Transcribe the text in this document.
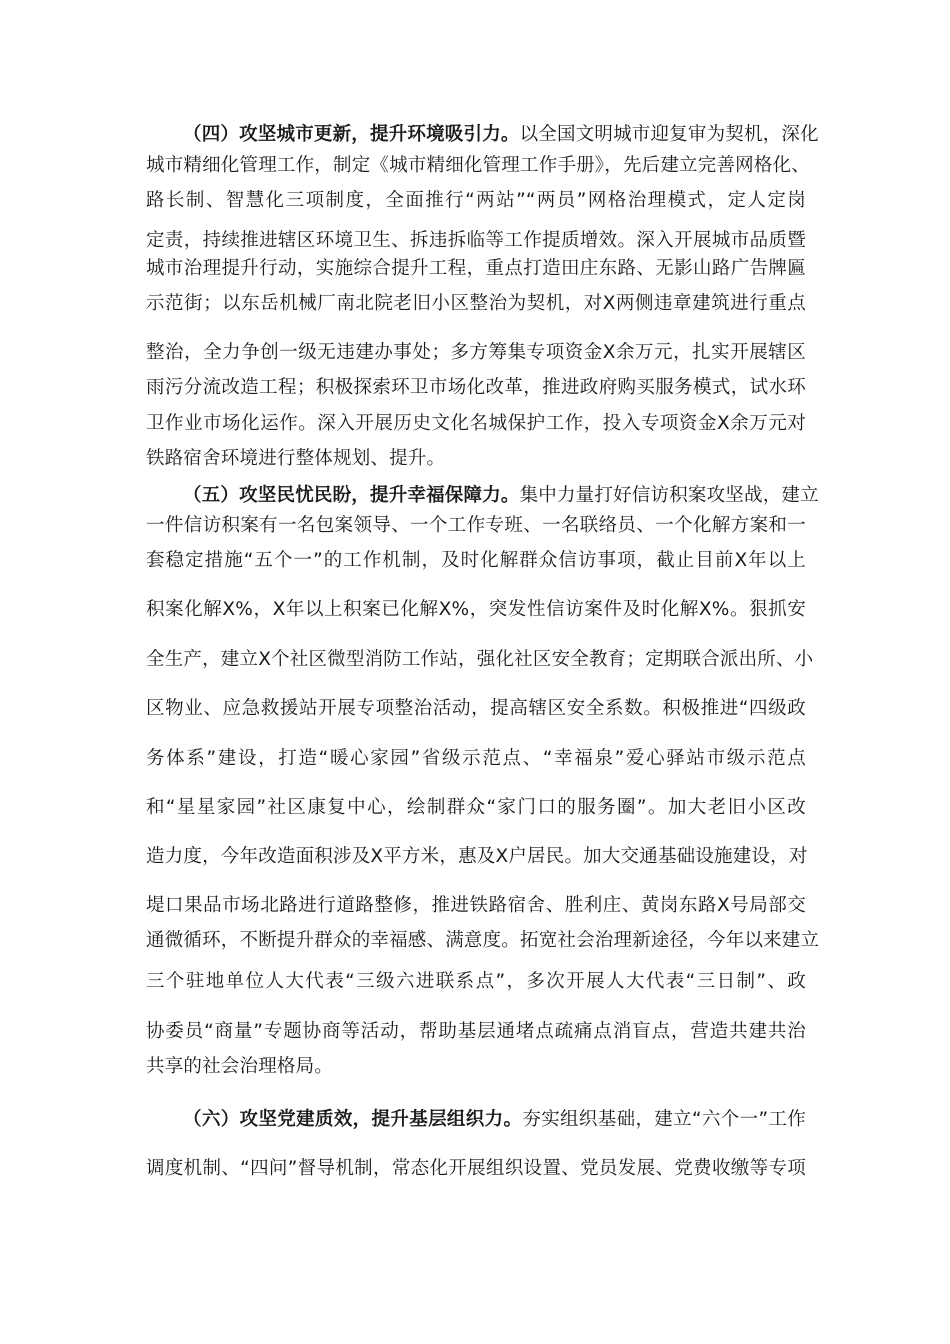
（四）攻坚城市更新，提升环境吸引力。以全国文明城市迎复审为契机，深化
城市精细化管理工作，制定《城市精细化管理工作手册》，先后建立完善网格化、
路长制、智慧化三项制度，全面推行“两站”“两员”网格治理模式，定人定岗
定责，持续推进辖区环境卫生、拆违拆临等工作提质增效。深入开展城市品质暨
城市治理提升行动，实施综合提升工程，重点打造田庄东路、无影山路广告牌匾
示范街；以东岳机械厂南北院老旧小区整治为契机，对X两侧违章建筑进行重点
整治，全力争创一级无违建办事处；多方筹集专项资金X余万元，扎实开展辖区
雨污分流改造工程；积极探索环卫市场化改革，推进政府购买服务模式，试水环
卫作业市场化运作。深入开展历史文化名城保护工作，投入专项资金X余万元对
铁路宿舍环境进行整体规划、提升。
（五）攻坚民忧民盼，提升幸福保障力。集中力量打好信访积案攻坚战，建立
一件信访积案有一名包案领导、一个工作专班、一名联络员、一个化解方案和一
套稳定措施“五个一”的工作机制，及时化解群众信访事项，截止目前X年以上
积案化解X%，X年以上积案已化解X%，突发性信访案件及时化解X%。狠抓安
全生产，建立X个社区微型消防工作站，强化社区安全教育；定期联合派出所、小
区物业、应急救援站开展专项整治活动，提高辖区安全系数。积极推进“四级政
务体系”建设，打造“暖心家园”省级示范点、“幸福泉”爱心驿站市级示范点
和“星星家园”社区康复中心，绘制群众“家门口的服务圈”。加大老旧小区改
造力度，今年改造面积涉及X平方米，惠及X户居民。加大交通基础设施建设，对
堤口果品市场北路进行道路整修，推进铁路宿舍、胜利庄、黄岗东路X号局部交
通微循环，不断提升群众的幸福感、满意度。拓宽社会治理新途径，今年以来建立
三个驻地单位人大代表“三级六进联系点”，多次开展人大代表“三日制”、政
协委员“商量”专题协商等活动，帮助基层通堵点疏痛点消盲点，营造共建共治
共享的社会治理格局。
（六）攻坚党建质效，提升基层组织力。夯实组织基础，建立“六个一”工作
调度机制、“四问”督导机制，常态化开展组织设置、党员发展、党费收缴等专项
